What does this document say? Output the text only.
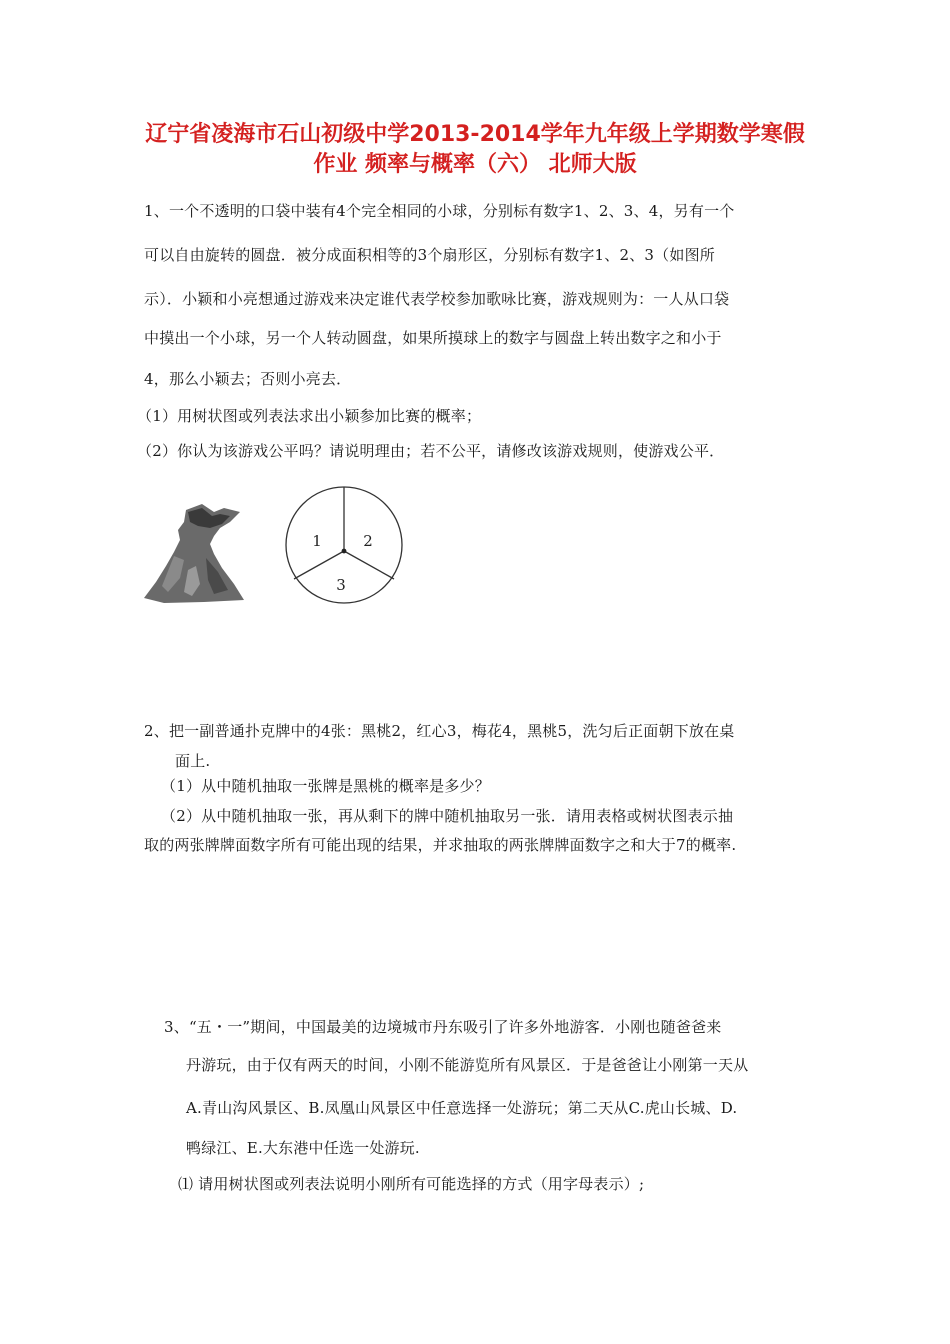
辽宁省凌海市石山初级中学2013-2014学年九年级上学期数学寒假
作业 频率与概率（六） 北师大版
1、一个不透明的口袋中装有4个完全相同的小球，分别标有数字1、2、3、4，另有一个
可以自由旋转的圆盘．被分成面积相等的3个扇形区，分别标有数字1、2、3（如图所
示）．小颖和小亮想通过游戏来决定谁代表学校参加歌咏比赛，游戏规则为：一人从口袋
中摸出一个小球，另一个人转动圆盘，如果所摸球上的数字与圆盘上转出数字之和小于
4，那么小颖去；否则小亮去．
（1）用树状图或列表法求出小颖参加比赛的概率；
（2）你认为该游戏公平吗？请说明理由；若不公平，请修改该游戏规则，使游戏公平．
1	2
3
2、把一副普通扑克牌中的4张：黑桃2，红心3，梅花4，黑桃5，洗匀后正面朝下放在桌
面上.
（1）从中随机抽取一张牌是黑桃的概率是多少？
（2）从中随机抽取一张，再从剩下的牌中随机抽取另一张．请用表格或树状图表示抽
取的两张牌牌面数字所有可能出现的结果，并求抽取的两张牌牌面数字之和大于7的概率.
3、“五・一”期间，中国最美的边境城市丹东吸引了许多外地游客．小刚也随爸爸来
丹游玩，由于仅有两天的时间，小刚不能游览所有风景区．于是爸爸让小刚第一天从
A.青山沟风景区、B.凤凰山风景区中任意选择一处游玩；第二天从C.虎山长城、D.
鸭绿江、E.大东港中任选一处游玩.
⑴ 请用树状图或列表法说明小刚所有可能选择的方式（用字母表示）;
